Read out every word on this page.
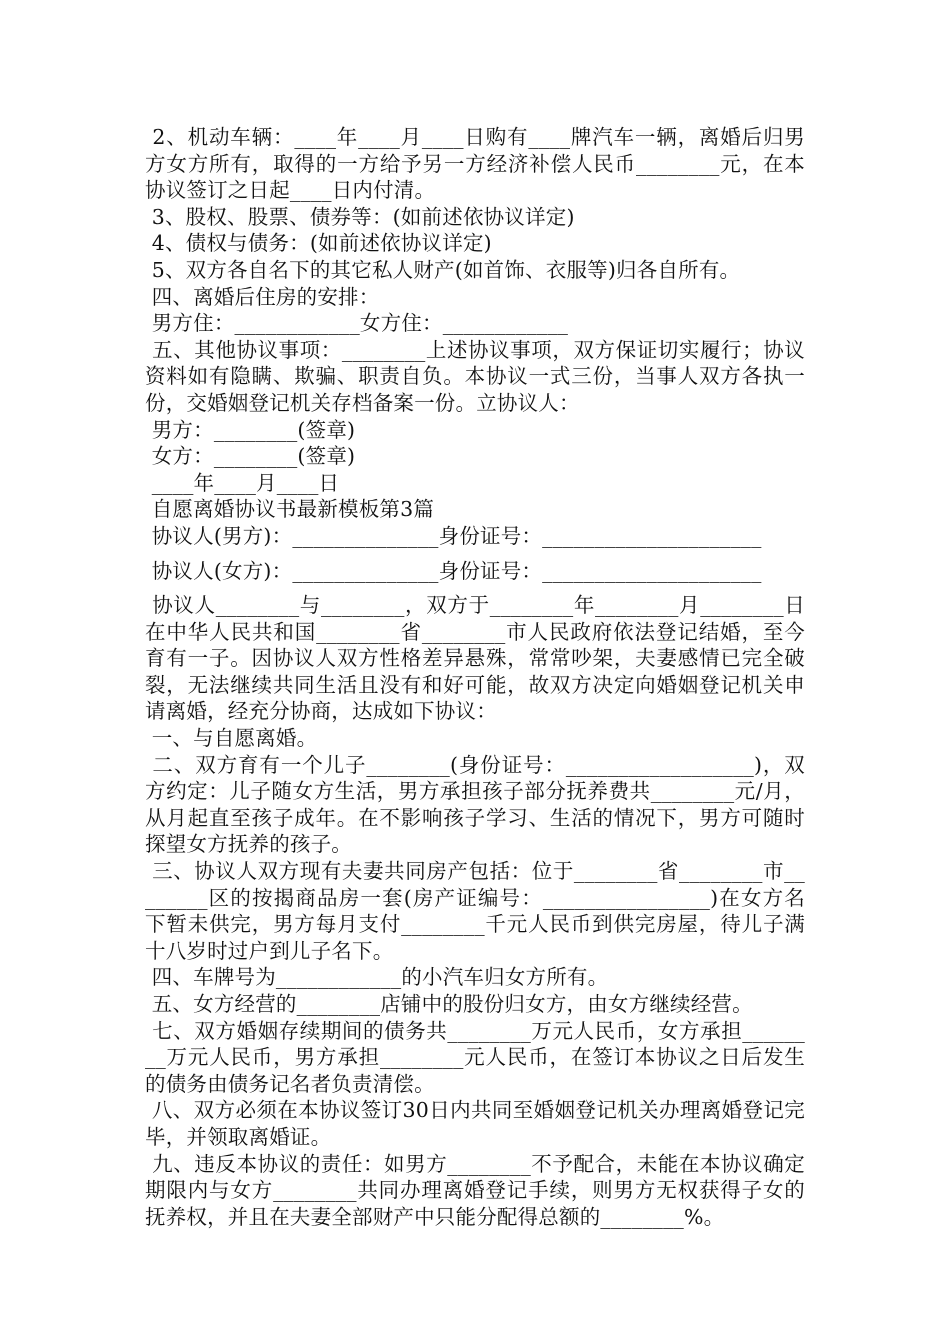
2、机动车辆：____年____月____日购有____牌汽车一辆，离婚后归男方女方所有，取得的一方给予另一方经济补偿人民币________元，在本协议签订之日起____日内付清。

3、股权、股票、债券等：(如前述依协议详定)

4、债权与债务：(如前述依协议详定)

5、双方各自名下的其它私人财产(如首饰、衣服等)归各自所有。

四、离婚后住房的安排：

男方住：____________女方住：____________

五、其他协议事项：________上述协议事项，双方保证切实履行；协议资料如有隐瞒、欺骗、职责自负。本协议一式三份，当事人双方各执一份，交婚姻登记机关存档备案一份。立协议人：

男方：________(签章)

女方：________(签章)

____年____月____日

自愿离婚协议书最新模板第3篇

协议人(男方)：______________身份证号：_____________________

协议人(女方)：______________身份证号：_____________________

协议人________与________，双方于________年________月________日在中华人民共和国________省________市人民政府依法登记结婚，至今育有一子。因协议人双方性格差异悬殊，常常吵架，夫妻感情已完全破裂，无法继续共同生活且没有和好可能，故双方决定向婚姻登记机关申请离婚，经充分协商，达成如下协议：

一、与自愿离婚。

二、双方育有一个儿子________(身份证号：__________________)，双方约定：儿子随女方生活，男方承担孩子部分抚养费共________元/月，从月起直至孩子成年。在不影响孩子学习、生活的情况下，男方可随时探望女方抚养的孩子。

三、协议人双方现有夫妻共同房产包括：位于________省________市________区的按揭商品房一套(房产证编号：________________)在女方名下暂未供完，男方每月支付________千元人民币到供完房屋，待儿子满十八岁时过户到儿子名下。

四、车牌号为____________的小汽车归女方所有。

五、女方经营的________店铺中的股份归女方，由女方继续经营。

七、双方婚姻存续期间的债务共________万元人民币，女方承担________万元人民币，男方承担________元人民币，在签订本协议之日后发生的债务由债务记名者负责清偿。

八、双方必须在本协议签订30日内共同至婚姻登记机关办理离婚登记完毕，并领取离婚证。

九、违反本协议的责任：如男方________不予配合，未能在本协议确定期限内与女方________共同办理离婚登记手续，则男方无权获得子女的抚养权，并且在夫妻全部财产中只能分配得总额的________%。
